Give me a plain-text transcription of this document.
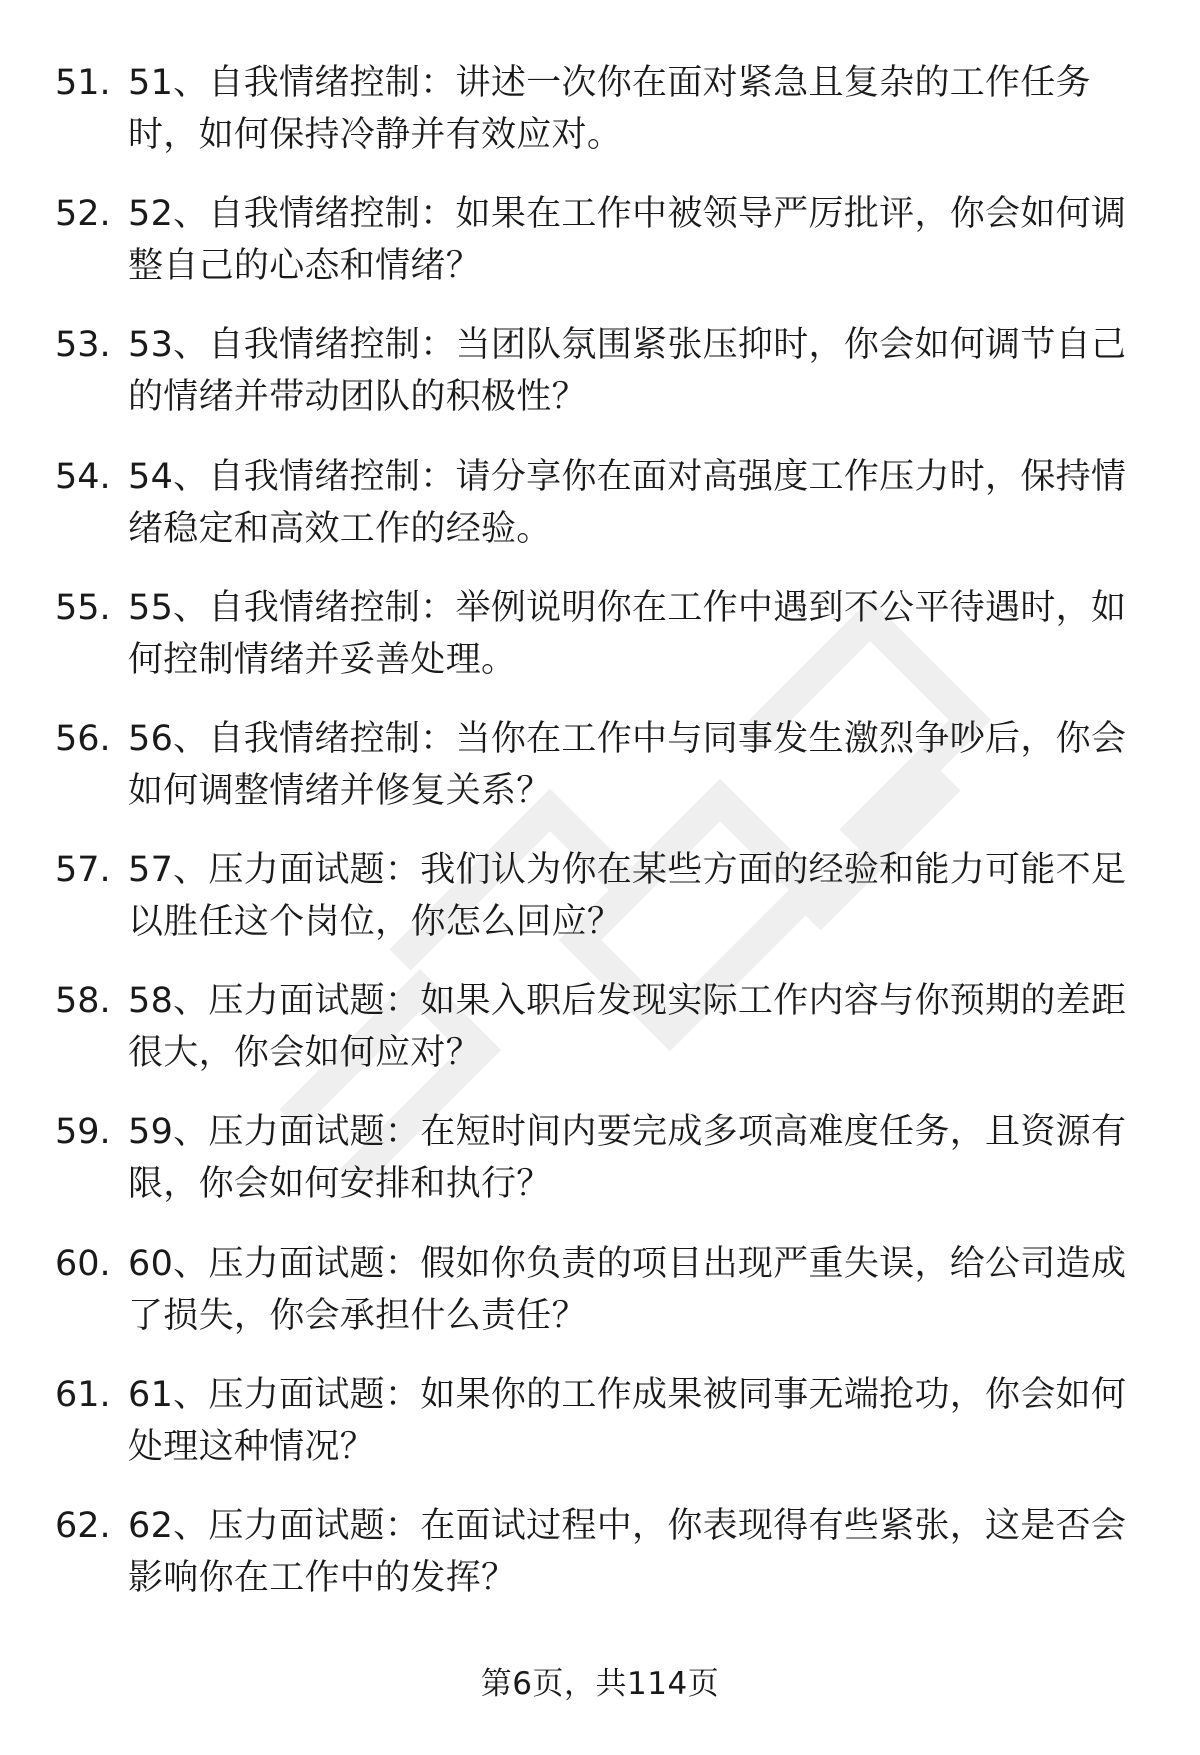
51. 51、自我情绪控制：讲述一次你在面对紧急且复杂的工作任务时，如何保持冷静并有效应对。
52. 52、自我情绪控制：如果在工作中被领导严厉批评，你会如何调整自己的心态和情绪？
53. 53、自我情绪控制：当团队氛围紧张压抑时，你会如何调节自己的情绪并带动团队的积极性？
54. 54、自我情绪控制：请分享你在面对高强度工作压力时，保持情绪稳定和高效工作的经验。
55. 55、自我情绪控制：举例说明你在工作中遇到不公平待遇时，如何控制情绪并妥善处理。
56. 56、自我情绪控制：当你在工作中与同事发生激烈争吵后，你会如何调整情绪并修复关系？
57. 57、压力面试题：我们认为你在某些方面的经验和能力可能不足以胜任这个岗位，你怎么回应？
58. 58、压力面试题：如果入职后发现实际工作内容与你预期的差距很大，你会如何应对？
59. 59、压力面试题：在短时间内要完成多项高难度任务，且资源有限，你会如何安排和执行？
60. 60、压力面试题：假如你负责的项目出现严重失误，给公司造成了损失，你会承担什么责任？
61. 61、压力面试题：如果你的工作成果被同事无端抢功，你会如何处理这种情况？
62. 62、压力面试题：在面试过程中，你表现得有些紧张，这是否会影响你在工作中的发挥？
第6页，共114页
